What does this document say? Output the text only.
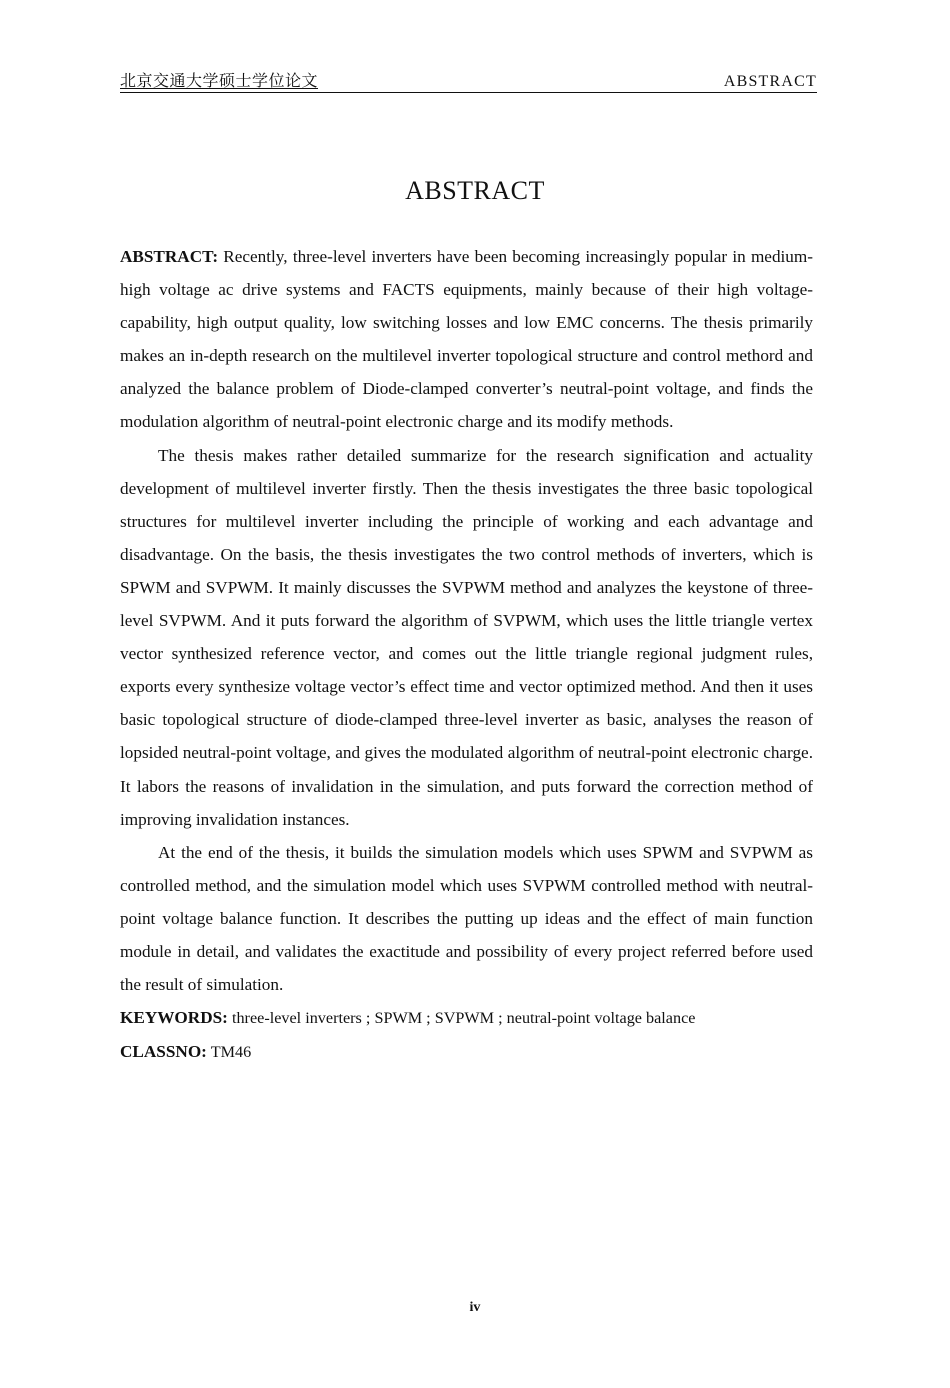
北京交通大学硕士学位论文	ABSTRACT
ABSTRACT

ABSTRACT: Recently, three-level inverters have been becoming increasingly popular in medium-high voltage ac drive systems and FACTS equipments, mainly because of their high voltage-capability, high output quality, low switching losses and low EMC concerns. The thesis primarily makes an in-depth research on the multilevel inverter topological structure and control methord and analyzed the balance problem of Diode-clamped converter’s neutral-point voltage, and finds the modulation algorithm of neutral-point electronic charge and its modify methods.

The thesis makes rather detailed summarize for the research signification and actuality development of multilevel inverter firstly. Then the thesis investigates the three basic topological structures for multilevel inverter including the principle of working and each advantage and disadvantage. On the basis, the thesis investigates the two control methods of inverters, which is SPWM and SVPWM. It mainly discusses the SVPWM method and analyzes the keystone of three-level SVPWM. And it puts forward the algorithm of SVPWM, which uses the little triangle vertex vector synthesized reference vector, and comes out the little triangle regional judgment rules, exports every synthesize voltage vector’s effect time and vector optimized method. And then it uses basic topological structure of diode-clamped three-level inverter as basic, analyses the reason of lopsided neutral-point voltage, and gives the modulated algorithm of neutral-point electronic charge. It labors the reasons of invalidation in the simulation, and puts forward the correction method of improving invalidation instances.

At the end of the thesis, it builds the simulation models which uses SPWM and SVPWM as controlled method, and the simulation model which uses SVPWM controlled method with neutral-point voltage balance function. It describes the putting up ideas and the effect of main function module in detail, and validates the exactitude and possibility of every project referred before used the result of simulation.

KEYWORDS: three-level inverters ; SPWM ; SVPWM ; neutral-point voltage balance

CLASSNO: TM46

iv
